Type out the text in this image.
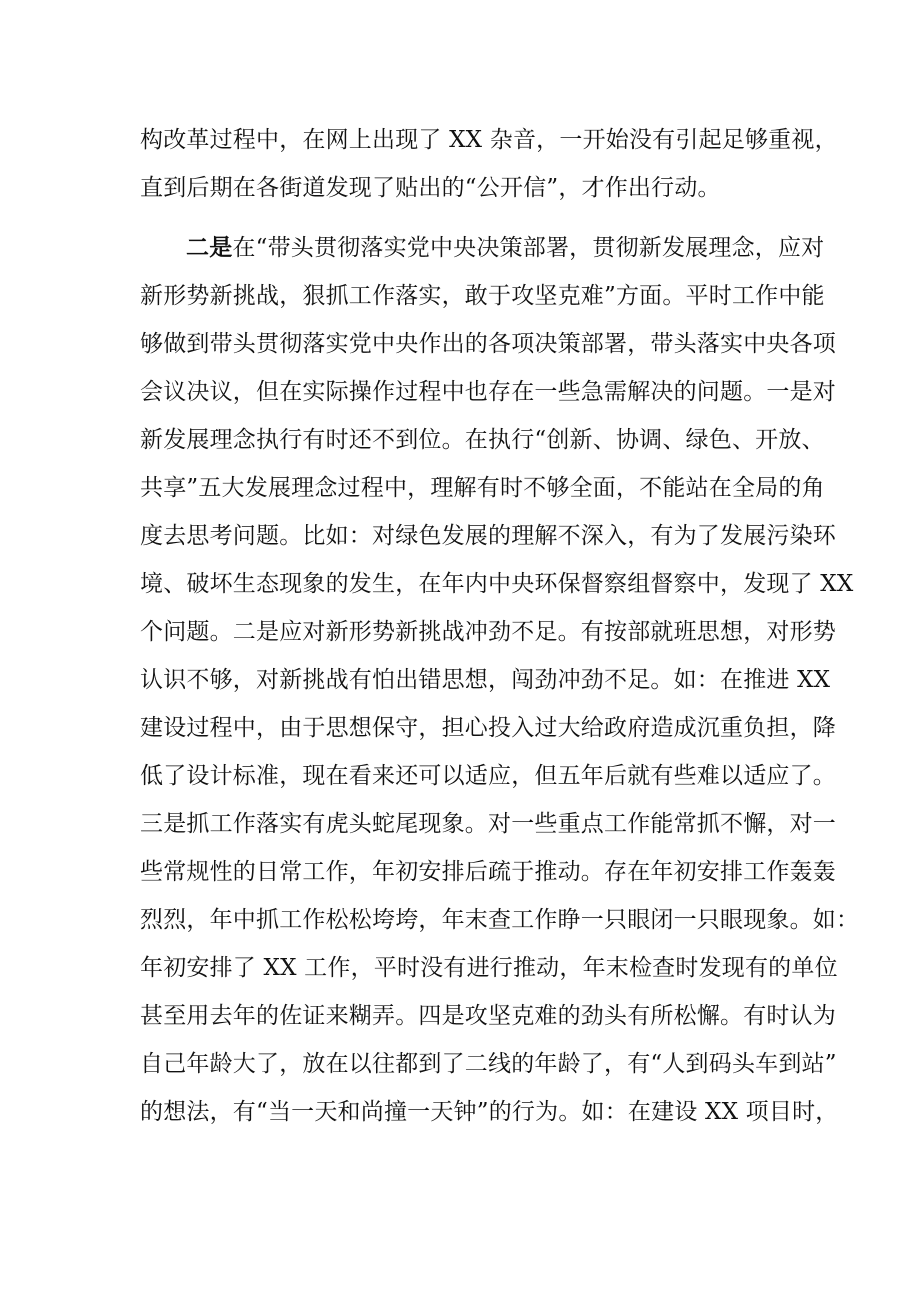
构改革过程中，在网上出现了 XX 杂音，一开始没有引起足够重视，
直到后期在各街道发现了贴出的“公开信”，才作出行动。
二是在“带头贯彻落实党中央决策部署，贯彻新发展理念，应对
新形势新挑战，狠抓工作落实，敢于攻坚克难”方面。平时工作中能
够做到带头贯彻落实党中央作出的各项决策部署，带头落实中央各项
会议决议，但在实际操作过程中也存在一些急需解决的问题。一是对
新发展理念执行有时还不到位。在执行“创新、协调、绿色、开放、
共享”五大发展理念过程中，理解有时不够全面，不能站在全局的角
度去思考问题。比如：对绿色发展的理解不深入，有为了发展污染环
境、破坏生态现象的发生，在年内中央环保督察组督察中，发现了 XX
个问题。二是应对新形势新挑战冲劲不足。有按部就班思想，对形势
认识不够，对新挑战有怕出错思想，闯劲冲劲不足。如：在推进 XX
建设过程中，由于思想保守，担心投入过大给政府造成沉重负担，降
低了设计标准，现在看来还可以适应，但五年后就有些难以适应了。
三是抓工作落实有虎头蛇尾现象。对一些重点工作能常抓不懈，对一
些常规性的日常工作，年初安排后疏于推动。存在年初安排工作轰轰
烈烈，年中抓工作松松垮垮，年末查工作睁一只眼闭一只眼现象。如：
年初安排了 XX 工作，平时没有进行推动，年末检查时发现有的单位
甚至用去年的佐证来糊弄。四是攻坚克难的劲头有所松懈。有时认为
自己年龄大了，放在以往都到了二线的年龄了，有“人到码头车到站”
的想法，有“当一天和尚撞一天钟”的行为。如：在建设 XX 项目时，
